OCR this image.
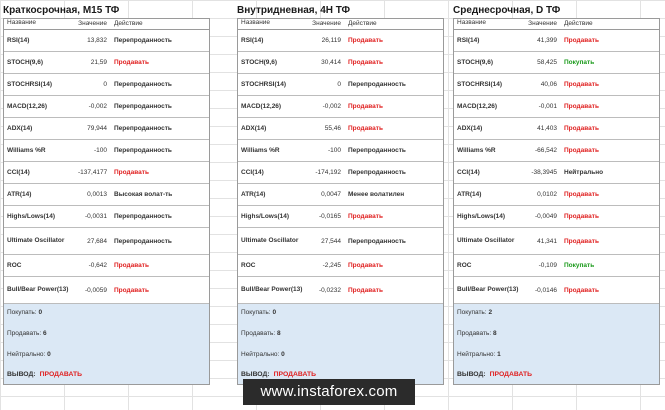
Краткосрочная, М15 ТФ
Название	Значение	Действие
RSI(14)	13,832	Перепроданность
STOCH(9,6)	21,59	Продавать
STOCHRSI(14)	0	Перепроданность
MACD(12,26)	-0,002	Перепроданность
ADX(14)	79,944	Перепроданность
Williams %R	-100	Перепроданность
CCI(14)	-137,4177	Продавать
ATR(14)	0,0013	Высокая волат-ть
Highs/Lows(14)	-0,0031	Перепроданность
Ultimate Oscillator	27,684	Перепроданность
ROC	-0,642	Продавать
Bull/Bear Power(13)	-0,0059	Продавать
Покупать: 0
Продавать: 6
Нейтрально: 0
ВЫВОД: ПРОДАВАТЬ
Внутридневная, 4Н ТФ
Название	Значение	Действие
RSI(14)	26,119	Продавать
STOCH(9,6)	30,414	Продавать
STOCHRSI(14)	0	Перепроданность
MACD(12,26)	-0,002	Продавать
ADX(14)	55,46	Продавать
Williams %R	-100	Перепроданность
CCI(14)	-174,192	Перепроданность
ATR(14)	0,0047	Менее волатилен
Highs/Lows(14)	-0,0165	Продавать
Ultimate Oscillator	27,544	Перепроданность
ROC	-2,245	Продавать
Bull/Bear Power(13)	-0,0232	Продавать
Покупать: 0
Продавать: 8
Нейтрально: 0
ВЫВОД: ПРОДАВАТЬ
Среднесрочная, D ТФ
Название	Значение	Действие
RSI(14)	41,399	Продавать
STOCH(9,6)	58,425	Покупать
STOCHRSI(14)	40,06	Продавать
MACD(12,26)	-0,001	Продавать
ADX(14)	41,403	Продавать
Williams %R	-66,542	Продавать
CCI(14)	-38,3945	Нейтрально
ATR(14)	0,0102	Продавать
Highs/Lows(14)	-0,0049	Продавать
Ultimate Oscillator	41,341	Продавать
ROC	-0,109	Покупать
Bull/Bear Power(13)	-0,0146	Продавать
Покупать: 2
Продавать: 8
Нейтрально: 1
ВЫВОД: ПРОДАВАТЬ
www.instaforex.com
